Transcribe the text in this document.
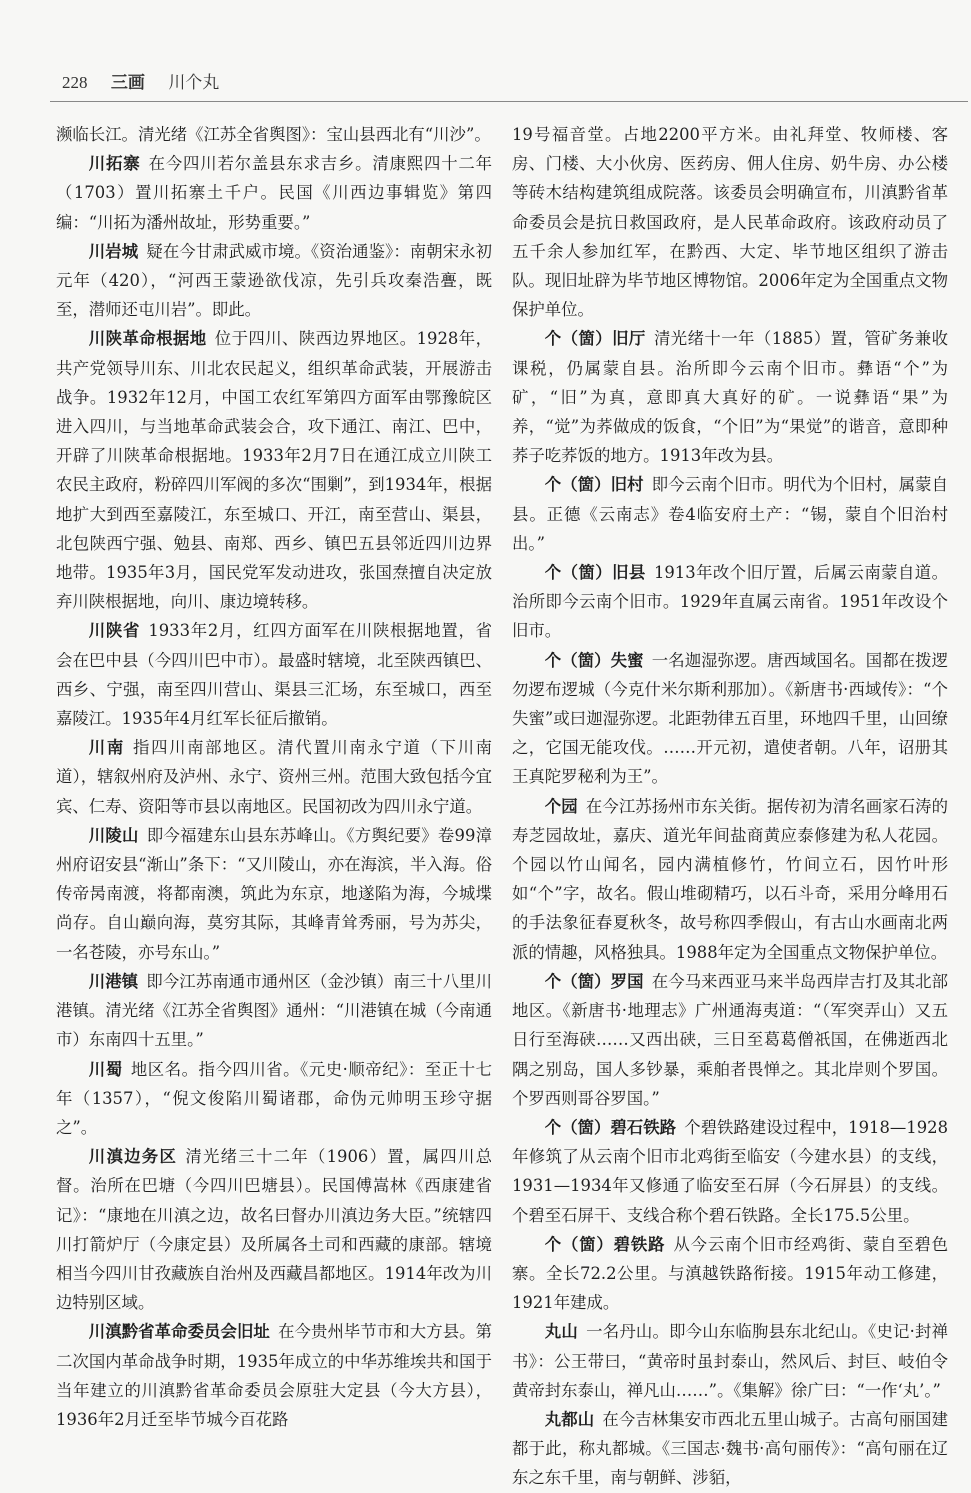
228 三画 川个丸

濒临长江。清光绪《江苏全省舆图》：宝山县西北有“川沙”。

川拓寨 在今四川若尔盖县东求吉乡。清康熙四十二年（1703）置川拓寨土千户。民国《川西边事辑览》第四编：“川拓为潘州故址，形势重要。”

川岩城 疑在今甘肃武威市境。《资治通鉴》：南朝宋永初元年（420），“河西王蒙逊欲伐凉，先引兵攻秦浩亹，既至，潜师还屯川岩”。即此。

川陕革命根据地 位于四川、陕西边界地区。1928年，共产党领导川东、川北农民起义，组织革命武装，开展游击战争。1932年12月，中国工农红军第四方面军由鄂豫皖区进入四川，与当地革命武装会合，攻下通江、南江、巴中，开辟了川陕革命根据地。1933年2月7日在通江成立川陕工农民主政府，粉碎四川军阀的多次“围剿”，到1934年，根据地扩大到西至嘉陵江，东至城口、开江，南至营山、渠县，北包陕西宁强、勉县、南郑、西乡、镇巴五县邻近四川边界地带。1935年3月，国民党军发动进攻，张国焘擅自决定放弃川陕根据地，向川、康边境转移。

川陕省 1933年2月，红四方面军在川陕根据地置，省会在巴中县（今四川巴中市）。最盛时辖境，北至陕西镇巴、西乡、宁强，南至四川营山、渠县三汇场，东至城口，西至嘉陵江。1935年4月红军长征后撤销。

川南 指四川南部地区。清代置川南永宁道（下川南道），辖叙州府及泸州、永宁、资州三州。范围大致包括今宜宾、仁寿、资阳等市县以南地区。民国初改为四川永宁道。

川陵山 即今福建东山县东苏峰山。《方舆纪要》卷99漳州府诏安县“渐山”条下：“又川陵山，亦在海滨，半入海。俗传帝昺南渡，将都南澳，筑此为东京，地遂陷为海，今城堞尚存。自山巅向海，莫穷其际，其峰青耸秀丽，号为苏尖，一名苍陵，亦号东山。”

川港镇 即今江苏南通市通州区（金沙镇）南三十八里川港镇。清光绪《江苏全省舆图》通州：“川港镇在城（今南通市）东南四十五里。”

川蜀 地区名。指今四川省。《元史·顺帝纪》：至正十七年（1357），“倪文俊陷川蜀诸郡，命伪元帅明玉珍守据之”。

川滇边务区 清光绪三十二年（1906）置，属四川总督。治所在巴塘（今四川巴塘县）。民国傅嵩林《西康建省记》：“康地在川滇之边，故名曰督办川滇边务大臣。”统辖四川打箭炉厅（今康定县）及所属各土司和西藏的康部。辖境相当今四川甘孜藏族自治州及西藏昌都地区。1914年改为川边特别区域。

川滇黔省革命委员会旧址 在今贵州毕节市和大方县。第二次国内革命战争时期，1935年成立的中华苏维埃共和国于当年建立的川滇黔省革命委员会原驻大定县（今大方县），1936年2月迁至毕节城今百花路

19号福音堂。占地2200平方米。由礼拜堂、牧师楼、客房、门楼、大小伙房、医药房、佣人住房、奶牛房、办公楼等砖木结构建筑组成院落。该委员会明确宣布，川滇黔省革命委员会是抗日救国政府，是人民革命政府。该政府动员了五千余人参加红军，在黔西、大定、毕节地区组织了游击队。现旧址辟为毕节地区博物馆。2006年定为全国重点文物保护单位。

个（箇）旧厅 清光绪十一年（1885）置，管矿务兼收课税，仍属蒙自县。治所即今云南个旧市。彝语“个”为矿，“旧”为真，意即真大真好的矿。一说彝语“果”为养，“觉”为荞做成的饭食，“个旧”为“果觉”的谐音，意即种荞子吃荞饭的地方。1913年改为县。

个（箇）旧村 即今云南个旧市。明代为个旧村，属蒙自县。正德《云南志》卷4临安府土产：“锡，蒙自个旧治村出。”

个（箇）旧县 1913年改个旧厅置，后属云南蒙自道。治所即今云南个旧市。1929年直属云南省。1951年改设个旧市。

个（箇）失蜜 一名迦湿弥逻。唐西域国名。国都在拨逻勿逻布逻城（今克什米尔斯利那加）。《新唐书·西域传》：“个失蜜”或曰迦湿弥逻。北距勃律五百里，环地四千里，山回缭之，它国无能攻伐。……开元初，遣使者朝。八年，诏册其王真陀罗秘利为王”。

个园 在今江苏扬州市东关街。据传初为清名画家石涛的寿芝园故址，嘉庆、道光年间盐商黄应泰修建为私人花园。个园以竹山闻名，园内满植修竹，竹间立石，因竹叶形如“个”字，故名。假山堆砌精巧，以石斗奇，采用分峰用石的手法象征春夏秋冬，故号称四季假山，有古山水画南北两派的情趣，风格独具。1988年定为全国重点文物保护单位。

个（箇）罗国 在今马来西亚马来半岛西岸吉打及其北部地区。《新唐书·地理志》广州通海夷道：“（军突弄山）又五日行至海硖……又西出硖，三日至葛葛僧祇国，在佛逝西北隅之别岛，国人多钞暴，乘舶者畏惮之。其北岸则个罗国。个罗西则哥谷罗国。”

个（箇）碧石铁路 个碧铁路建设过程中，1918—1928年修筑了从云南个旧市北鸡街至临安（今建水县）的支线，1931—1934年又修通了临安至石屏（今石屏县）的支线。个碧至石屏干、支线合称个碧石铁路。全长175.5公里。

个（箇）碧铁路 从今云南个旧市经鸡街、蒙自至碧色寨。全长72.2公里。与滇越铁路衔接。1915年动工修建，1921年建成。

丸山 一名丹山。即今山东临朐县东北纪山。《史记·封禅书》：公王带曰，“黄帝时虽封泰山，然风后、封巨、岐伯令黄帝封东泰山，禅凡山……”。《集解》徐广曰：“一作‘丸’。”

丸都山 在今吉林集安市西北五里山城子。古高句丽国建都于此，称丸都城。《三国志·魏书·高句丽传》：“高句丽在辽东之东千里，南与朝鲜、涉貊，
